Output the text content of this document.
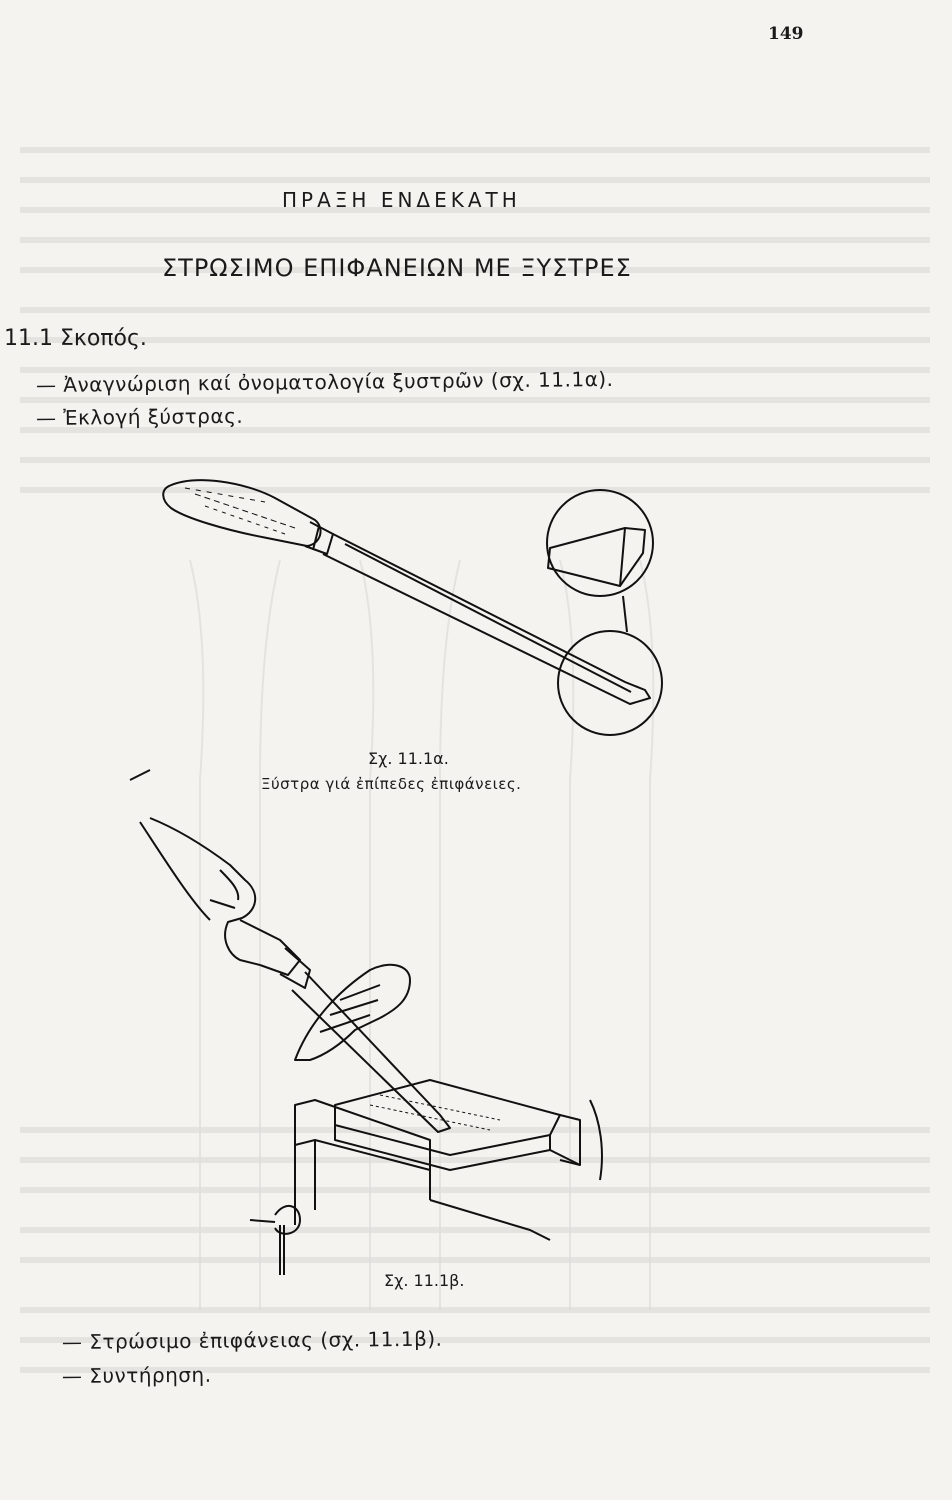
149
ΠΡΑΞΗ ΕΝΔΕΚΑΤΗ
ΣΤΡΩΣΙΜΟ ΕΠΙΦΑΝΕΙΩΝ ΜΕ ΞΥΣΤΡΕΣ
11.1 Σκοπός.
— Ἀναγνώριση καί ὀνοματολογία ξυστρῶν (σχ. 11.1α).
— Ἐκλογή ξύστρας.
Σχ. 11.1α.
Ξύστρα γιά ἐπίπεδες ἐπιφάνειες.
Σχ. 11.1β.
— Στρώσιμο ἐπιφάνειας (σχ. 11.1β).
— Συντήρηση.
